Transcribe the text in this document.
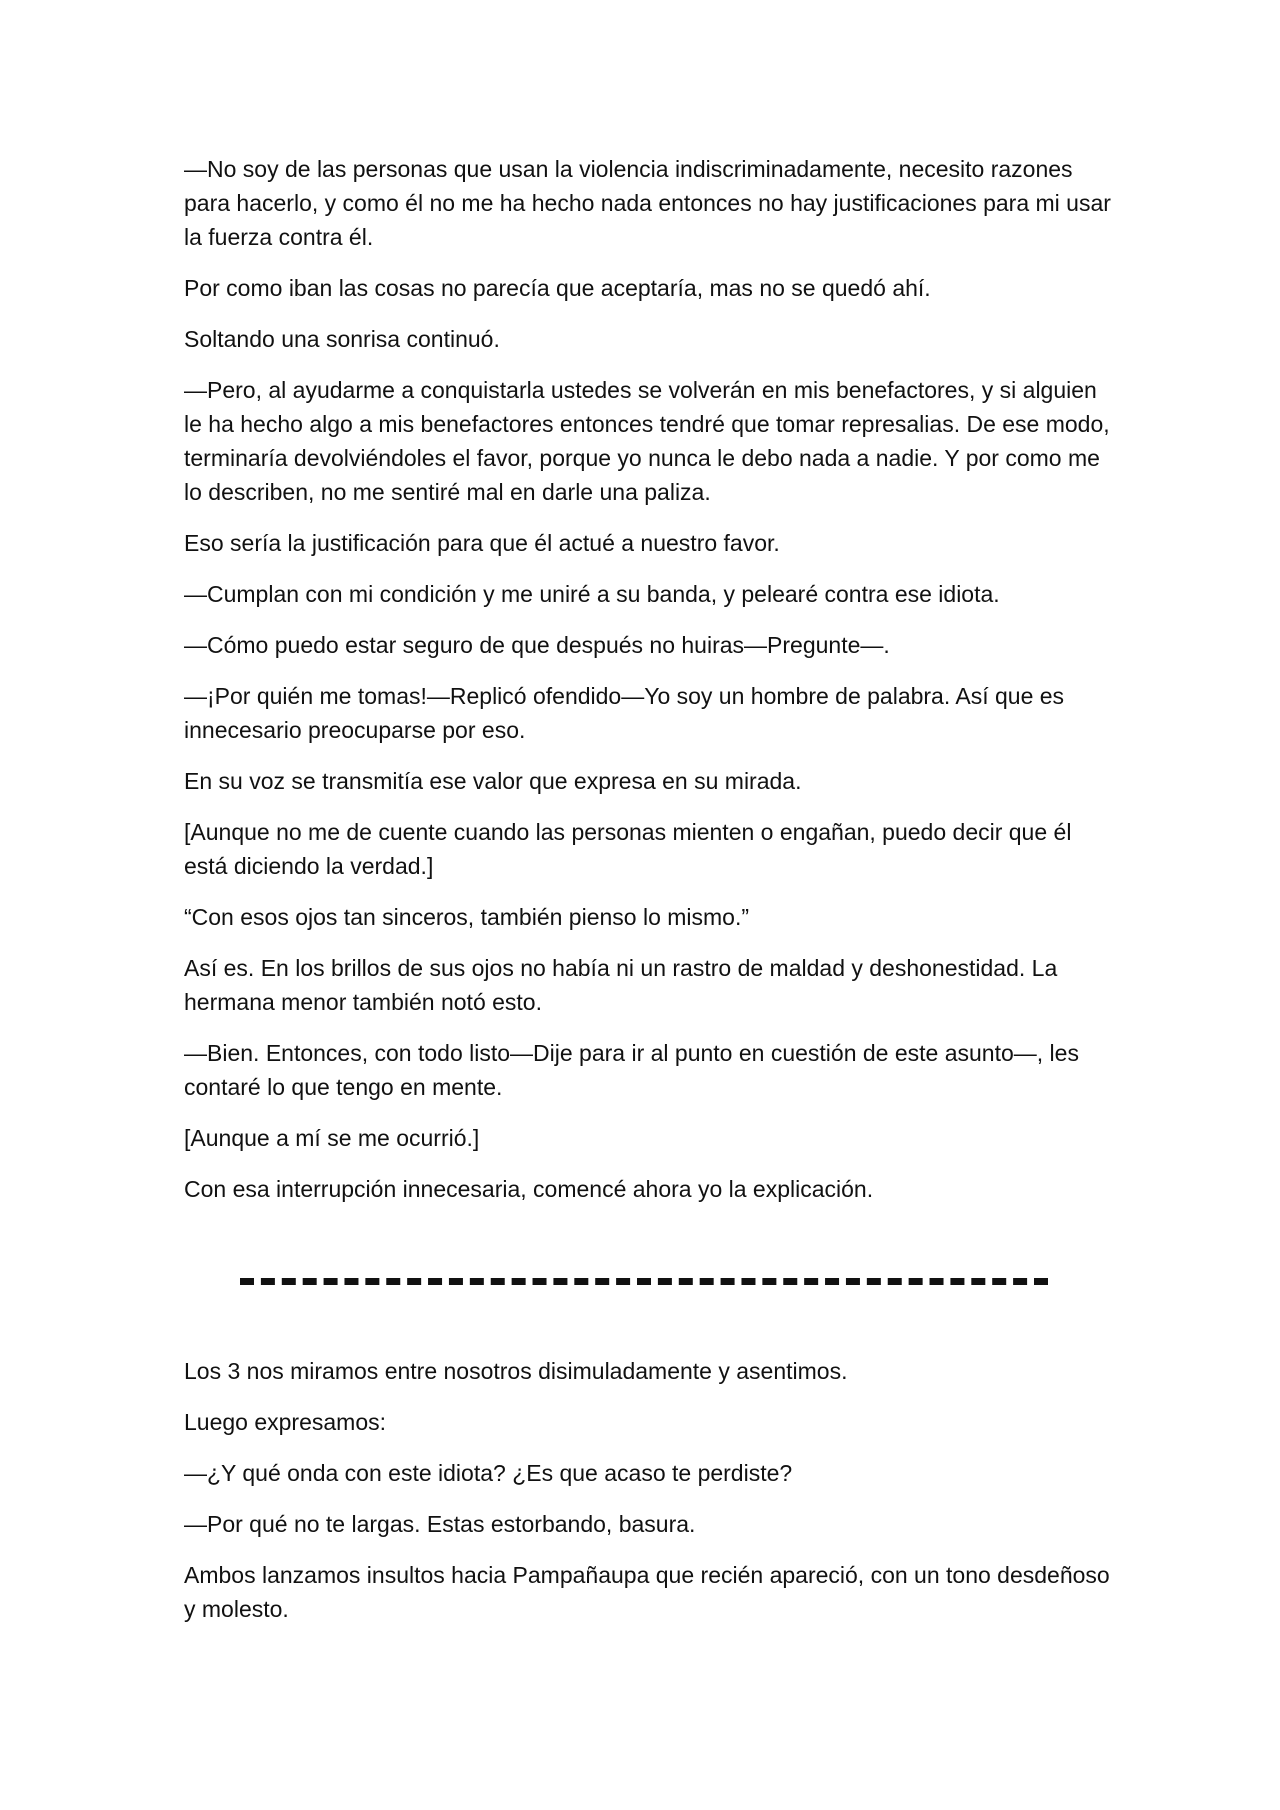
—No soy de las personas que usan la violencia indiscriminadamente, necesito razones para hacerlo, y como él no me ha hecho nada entonces no hay justificaciones para mi usar la fuerza contra él.

Por como iban las cosas no parecía que aceptaría, mas no se quedó ahí.

Soltando una sonrisa continuó.

—Pero, al ayudarme a conquistarla ustedes se volverán en mis benefactores, y si alguien le ha hecho algo a mis benefactores entonces tendré que tomar represalias. De ese modo, terminaría devolviéndoles el favor, porque yo nunca le debo nada a nadie. Y por como me lo describen, no me sentiré mal en darle una paliza.

Eso sería la justificación para que él actué a nuestro favor.

—Cumplan con mi condición y me uniré a su banda, y pelearé contra ese idiota.

—Cómo puedo estar seguro de que después no huiras—Pregunte—.

—¡Por quién me tomas!—Replicó ofendido—Yo soy un hombre de palabra. Así que es innecesario preocuparse por eso.

En su voz se transmitía ese valor que expresa en su mirada.

[Aunque no me de cuente cuando las personas mienten o engañan, puedo decir que él está diciendo la verdad.]

“Con esos ojos tan sinceros, también pienso lo mismo.”

Así es. En los brillos de sus ojos no había ni un rastro de maldad y deshonestidad. La hermana menor también notó esto.

—Bien. Entonces, con todo listo—Dije para ir al punto en cuestión de este asunto—, les contaré lo que tengo en mente.

[Aunque a mí se me ocurrió.]

Con esa interrupción innecesaria, comencé ahora yo la explicación.

Los 3 nos miramos entre nosotros disimuladamente y asentimos.

Luego expresamos:

—¿Y qué onda con este idiota? ¿Es que acaso te perdiste?

—Por qué no te largas. Estas estorbando, basura.

Ambos lanzamos insultos hacia Pampañaupa que recién apareció, con un tono desdeñoso y molesto.
